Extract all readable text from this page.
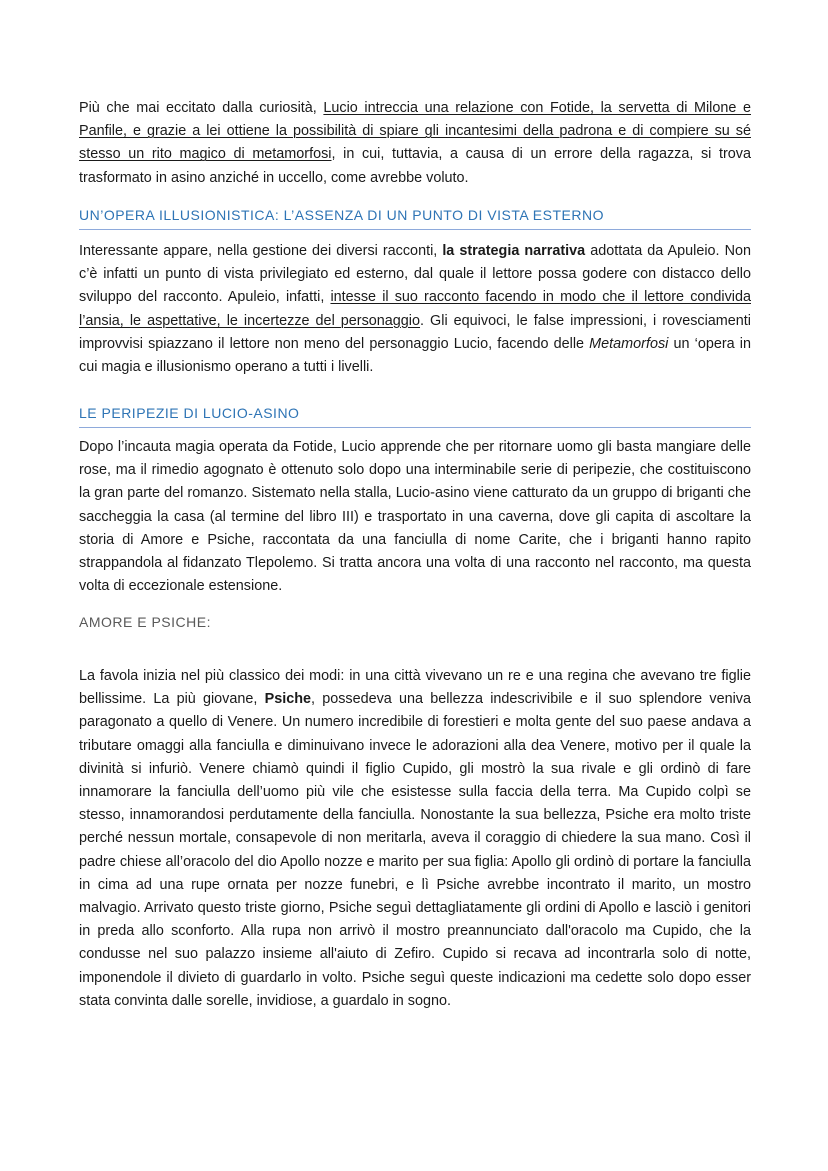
Più che mai eccitato dalla curiosità, Lucio intreccia una relazione con Fotide, la servetta di Milone e Panfile, e grazie a lei ottiene la possibilità di spiare gli incantesimi della padrona e di compiere su sé stesso un rito magico di metamorfosi, in cui, tuttavia, a causa di un errore della ragazza, si trova trasformato in asino anziché in uccello, come avrebbe voluto.

UN’OPERA ILLUSIONISTICA: L’ASSENZA DI UN PUNTO DI VISTA ESTERNO

Interessante appare, nella gestione dei diversi racconti, la strategia narrativa adottata da Apuleio. Non c’è infatti un punto di vista privilegiato ed esterno, dal quale il lettore possa godere con distacco dello sviluppo del racconto. Apuleio, infatti, intesse il suo racconto facendo in modo che il lettore condivida l’ansia, le aspettative, le incertezze del personaggio. Gli equivoci, le false impressioni, i rovesciamenti improvvisi spiazzano il lettore non meno del personaggio Lucio, facendo delle Metamorfosi un ‘opera in cui magia e illusionismo operano a tutti i livelli.

LE PERIPEZIE DI LUCIO-ASINO

Dopo l’incauta magia operata da Fotide, Lucio apprende che per ritornare uomo gli basta mangiare delle rose, ma il rimedio agognato è ottenuto solo dopo una interminabile serie di peripezie, che costituiscono la gran parte del romanzo. Sistemato nella stalla, Lucio-asino viene catturato da un gruppo di briganti che saccheggia la casa (al termine del libro III) e trasportato in una caverna, dove gli capita di ascoltare la storia di Amore e Psiche, raccontata da una fanciulla di nome Carite, che i briganti hanno rapito strappandola al fidanzato Tlepolemo. Si tratta ancora una volta di una racconto nel racconto, ma questa volta di eccezionale estensione.

AMORE E PSICHE:

La favola inizia nel più classico dei modi: in una città vivevano un re e una regina che avevano tre figlie bellissime. La più giovane, Psiche, possedeva una bellezza indescrivibile e il suo splendore veniva paragonato a quello di Venere. Un numero incredibile di forestieri e molta gente del suo paese andava a tributare omaggi alla fanciulla e diminuivano invece le adorazioni alla dea Venere, motivo per il quale la divinità si infuriò. Venere chiamò quindi il figlio Cupido, gli mostrò la sua rivale e gli ordinò di fare innamorare la fanciulla dell’uomo più vile che esistesse sulla faccia della terra. Ma Cupido colpì se stesso, innamorandosi perdutamente della fanciulla. Nonostante la sua bellezza, Psiche era molto triste perché nessun mortale, consapevole di non meritarla, aveva il coraggio di chiedere la sua mano. Così il padre chiese all’oracolo del dio Apollo nozze e marito per sua figlia: Apollo gli ordinò di portare la fanciulla in cima ad una rupe ornata per nozze funebri, e lì Psiche avrebbe incontrato il marito, un mostro malvagio. Arrivato questo triste giorno, Psiche seguì dettagliatamente gli ordini di Apollo e lasciò i genitori in preda allo sconforto. Alla rupa non arrivò il mostro preannunciato dall'oracolo ma Cupido, che la condusse nel suo palazzo insieme all'aiuto di Zefiro. Cupido si recava ad incontrarla solo di notte, imponendole il divieto di guardarlo in volto. Psiche seguì queste indicazioni ma cedette solo dopo esser stata convinta dalle sorelle, invidiose, a guardalo in sogno.
